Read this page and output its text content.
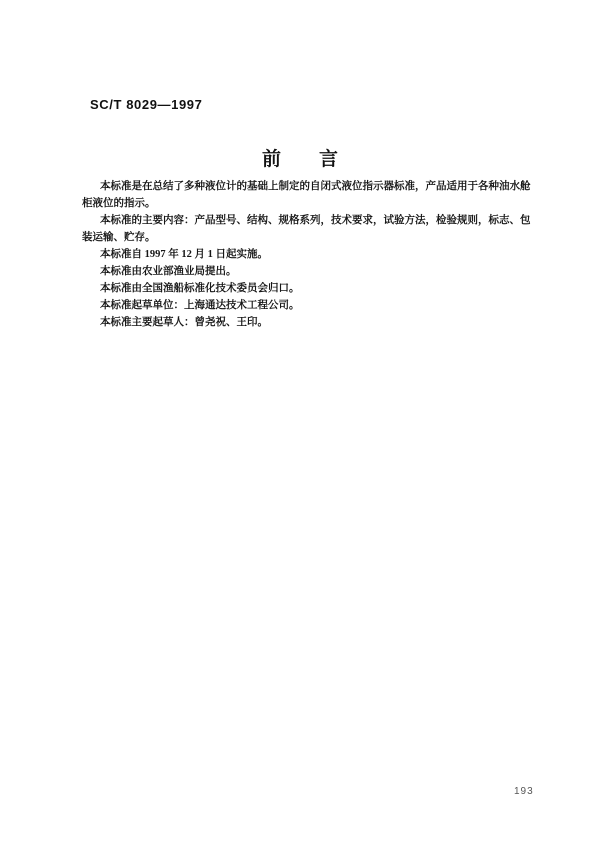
SC/T 8029—1997
前　　言

本标准是在总结了多种液位计的基础上制定的自闭式液位指示器标准，产品适用于各种油水舱柜液位的指示。

本标准的主要内容：产品型号、结构、规格系列，技术要求，试验方法，检验规则，标志、包装运输、贮存。

本标准自 1997 年 12 月 1 日起实施。

本标准由农业部渔业局提出。

本标准由全国渔船标准化技术委员会归口。

本标准起草单位：上海通达技术工程公司。

本标准主要起草人：曾尧祝、王印。

193
